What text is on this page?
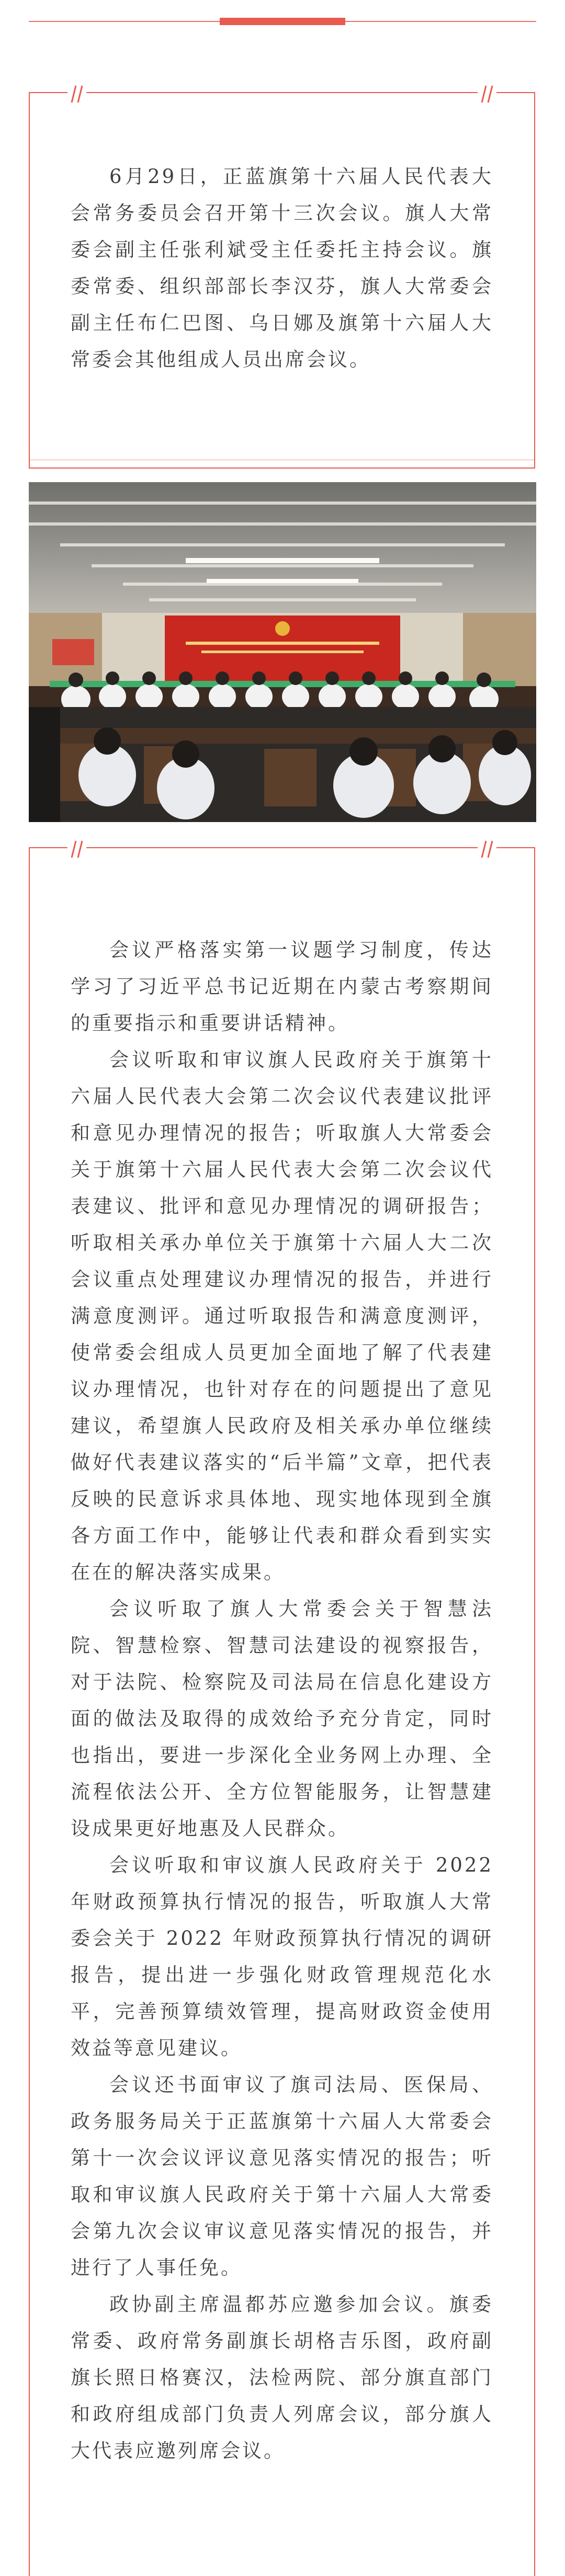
6月29日，正蓝旗第十六届人民代表大会常务委员会召开第十三次会议。旗人大常委会副主任张利斌受主任委托主持会议。旗委常委、组织部部长李汉芬，旗人大常委会副主任布仁巴图、乌日娜及旗第十六届人大常委会其他组成人员出席会议。

会议严格落实第一议题学习制度，传达学习了习近平总书记近期在内蒙古考察期间的重要指示和重要讲话精神。

会议听取和审议旗人民政府关于旗第十六届人民代表大会第二次会议代表建议批评和意见办理情况的报告；听取旗人大常委会关于旗第十六届人民代表大会第二次会议代表建议、批评和意见办理情况的调研报告；听取相关承办单位关于旗第十六届人大二次会议重点处理建议办理情况的报告，并进行满意度测评。通过听取报告和满意度测评，使常委会组成人员更加全面地了解了代表建议办理情况，也针对存在的问题提出了意见建议，希望旗人民政府及相关承办单位继续做好代表建议落实的“后半篇”文章，把代表反映的民意诉求具体地、现实地体现到全旗各方面工作中，能够让代表和群众看到实实在在的解决落实成果。

会议听取了旗人大常委会关于智慧法院、智慧检察、智慧司法建设的视察报告，对于法院、检察院及司法局在信息化建设方面的做法及取得的成效给予充分肯定，同时也指出，要进一步深化全业务网上办理、全流程依法公开、全方位智能服务，让智慧建设成果更好地惠及人民群众。

会议听取和审议旗人民政府关于 2022 年财政预算执行情况的报告，听取旗人大常委会关于 2022 年财政预算执行情况的调研报告，提出进一步强化财政管理规范化水平，完善预算绩效管理，提高财政资金使用效益等意见建议。

会议还书面审议了旗司法局、医保局、政务服务局关于正蓝旗第十六届人大常委会第十一次会议评议意见落实情况的报告；听取和审议旗人民政府关于第十六届人大常委会第九次会议审议意见落实情况的报告，并进行了人事任免。

政协副主席温都苏应邀参加会议。旗委常委、政府常务副旗长胡格吉乐图，政府副旗长照日格赛汉，法检两院、部分旗直部门和政府组成部门负责人列席会议，部分旗人大代表应邀列席会议。
